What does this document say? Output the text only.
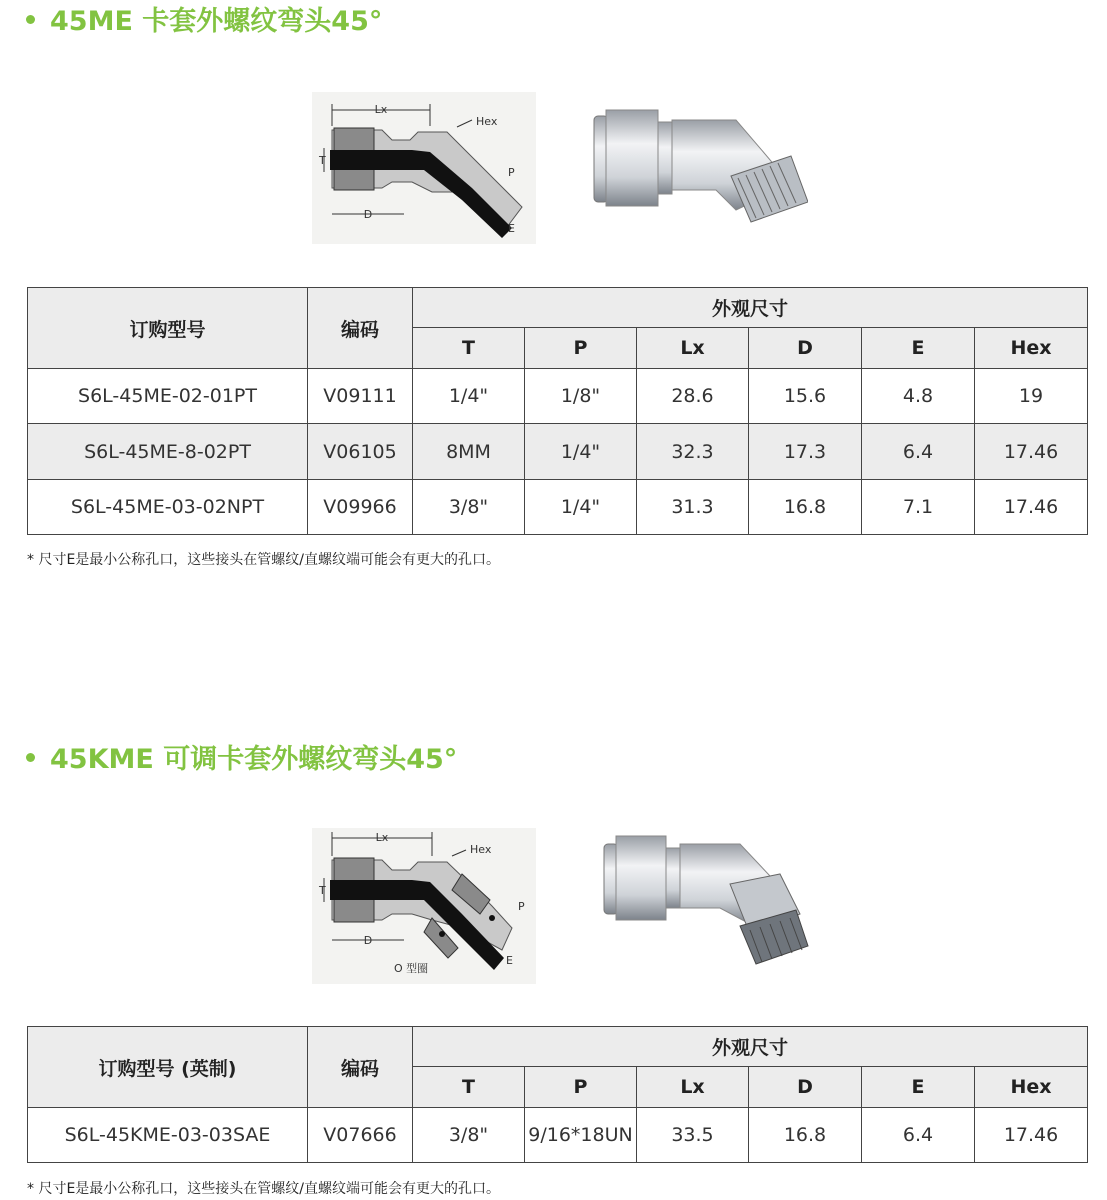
45ME 卡套外螺纹弯头45°
Lx
D
T
Hex
P
E
订购型号	编码	外观尺寸					
		T	P	Lx	D	E	Hex
S6L-45ME-02-01PT	V09111	1/4"	1/8"	28.6	15.6	4.8	19
S6L-45ME-8-02PT	V06105	8MM	1/4"	32.3	17.3	6.4	17.46
S6L-45ME-03-02NPT	V09966	3/8"	1/4"	31.3	16.8	7.1	17.46
* 尺寸E是最小公称孔口，这些接头在管螺纹/直螺纹端可能会有更大的孔口。
45KME 可调卡套外螺纹弯头45°
Lx
D
T
Hex
P
E
O 型圈
订购型号 (英制)	编码	外观尺寸					
		T	P	Lx	D	E	Hex
S6L-45KME-03-03SAE	V07666	3/8"	9/16*18UN	33.5	16.8	6.4	17.46
* 尺寸E是最小公称孔口，这些接头在管螺纹/直螺纹端可能会有更大的孔口。
